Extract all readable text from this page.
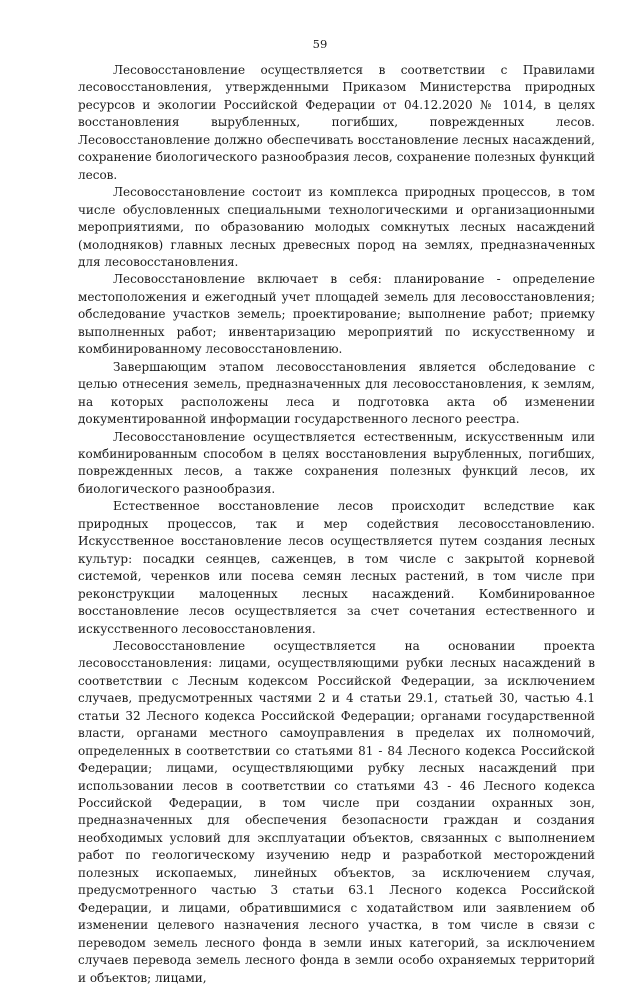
59

Лесовосстановление осуществляется в соответствии с Правилами лесовосстановления, утвержденными Приказом Министерства природных ресурсов и экологии Российской Федерации от 04.12.2020 № 1014, в целях восстановления вырубленных, погибших, поврежденных лесов. Лесовосстановление должно обеспечивать восстановление лесных насаждений, сохранение биологического разнообразия лесов, сохранение полезных функций лесов.

Лесовосстановление состоит из комплекса природных процессов, в том числе обусловленных специальными технологическими и организационными мероприятиями, по образованию молодых сомкнутых лесных насаждений (молодняков) главных лесных древесных пород на землях, предназначенных для лесовосстановления.

Лесовосстановление включает в себя: планирование - определение местоположения и ежегодный учет площадей земель для лесовосстановления; обследование участков земель; проектирование; выполнение работ; приемку выполненных работ; инвентаризацию мероприятий по искусственному и комбинированному лесовосстановлению.

Завершающим этапом лесовосстановления является обследование с целью отнесения земель, предназначенных для лесовосстановления, к землям, на которых расположены леса и подготовка акта об изменении документированной информации государственного лесного реестра.

Лесовосстановление осуществляется естественным, искусственным или комбинированным способом в целях восстановления вырубленных, погибших, поврежденных лесов, а также сохранения полезных функций лесов, их биологического разнообразия.

Естественное восстановление лесов происходит вследствие как природных процессов, так и мер содействия лесовосстановлению. Искусственное восстановление лесов осуществляется путем создания лесных культур: посадки сеянцев, саженцев, в том числе с закрытой корневой системой, черенков или посева семян лесных растений, в том числе при реконструкции малоценных лесных насаждений. Комбинированное восстановление лесов осуществляется за счет сочетания естественного и искусственного лесовосстановления.

Лесовосстановление осуществляется на основании проекта лесовосстановления: лицами, осуществляющими рубки лесных насаждений в соответствии с Лесным кодексом Российской Федерации, за исключением случаев, предусмотренных частями 2 и 4 статьи 29.1, статьей 30, частью 4.1 статьи 32 Лесного кодекса Российской Федерации; органами государственной власти, органами местного самоуправления в пределах их полномочий, определенных в соответствии со статьями 81 - 84 Лесного кодекса Российской Федерации; лицами, осуществляющими рубку лесных насаждений при использовании лесов в соответствии со статьями 43 - 46 Лесного кодекса Российской Федерации, в том числе при создании охранных зон, предназначенных для обеспечения безопасности граждан и создания необходимых условий для эксплуатации объектов, связанных с выполнением работ по геологическому изучению недр и разработкой месторождений полезных ископаемых, линейных объектов, за исключением случая, предусмотренного частью 3 статьи 63.1 Лесного кодекса Российской Федерации, и лицами, обратившимися с ходатайством или заявлением об изменении целевого назначения лесного участка, в том числе в связи с переводом земель лесного фонда в земли иных категорий, за исключением случаев перевода земель лесного фонда в земли особо охраняемых территорий и объектов; лицами,
